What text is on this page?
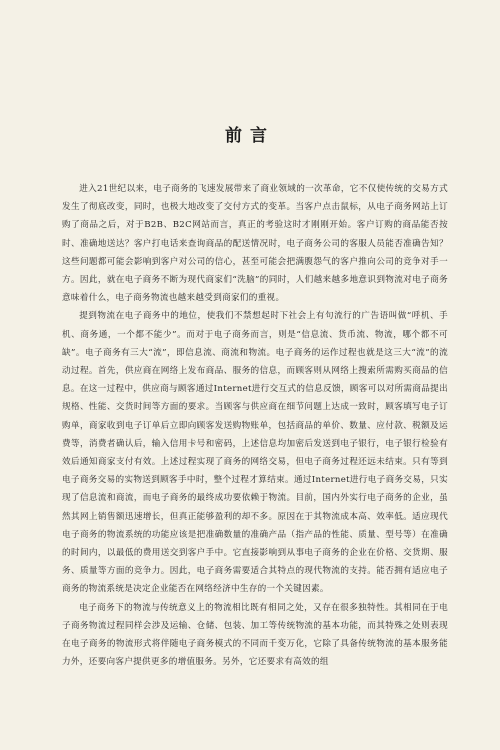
前言

进入21世纪以来，电子商务的飞速发展带来了商业领域的一次革命，它不仅使传统的交易方式发生了彻底改变，同时，也极大地改变了交付方式的变革。当客户点击鼠标，从电子商务网站上订购了商品之后，对于B2B、B2C网站而言，真正的考验这时才刚刚开始。客户订购的商品能否按时、准确地送达？客户打电话来查询商品的配送情况时，电子商务公司的客服人员能否准确告知？这些问题都可能会影响到客户对公司的信心，甚至可能会把满腹怨气的客户推向公司的竞争对手一方。因此，就在电子商务不断为现代商家们“洗脑”的同时，人们越来越多地意识到物流对电子商务意味着什么，电子商务物流也越来越受到商家们的重视。

提到物流在电子商务中的地位，使我们不禁想起时下社会上有句流行的广告语叫做“呼机、手机、商务通，一个都不能少”。而对于电子商务而言，则是“信息流、货币流、物流，哪个都不可缺”。电子商务有三大“流”，即信息流、商流和物流。电子商务的运作过程也就是这三大“流”的流动过程。首先，供应商在网络上发布商品、服务的信息，而顾客则从网络上搜索所需购买商品的信息。在这一过程中，供应商与顾客通过Internet进行交互式的信息反馈，顾客可以对所需商品提出规格、性能、交货时间等方面的要求。当顾客与供应商在细节问题上达成一致时，顾客填写电子订购单，商家收到电子订单后立即向顾客发送购物账单，包括商品的单价、数量、应付款、税额及运费等，消费者确认后，输入信用卡号和密码，上述信息均加密后发送到电子银行，电子银行检验有效后通知商家支付有效。上述过程实现了商务的网络交易，但电子商务过程还远未结束。只有等到电子商务交易的实物送到顾客手中时，整个过程才算结束。通过Internet进行电子商务交易，只实现了信息流和商流，而电子商务的最终成功要依赖于物流。目前，国内外实行电子商务的企业，虽然其网上销售额迅速增长，但真正能够盈利的却不多。原因在于其物流成本高、效率低。适应现代电子商务的物流系统的功能应该是把准确数量的准确产品（指产品的性能、质量、型号等）在准确的时间内，以最低的费用送交到客户手中。它直接影响到从事电子商务的企业在价格、交货期、服务、质量等方面的竞争力。因此，电子商务需要适合其特点的现代物流的支持。能否拥有适应电子商务的物流系统是决定企业能否在网络经济中生存的一个关键因素。

电子商务下的物流与传统意义上的物流相比既有相同之处，又存在很多独特性。其相同在于电子商务物流过程同样会涉及运输、仓储、包装、加工等传统物流的基本功能，而其特殊之处则表现在电子商务的物流形式将伴随电子商务模式的不同而千变万化，它除了具备传统物流的基本服务能力外，还要向客户提供更多的增值服务。另外，它还要求有高效的组
